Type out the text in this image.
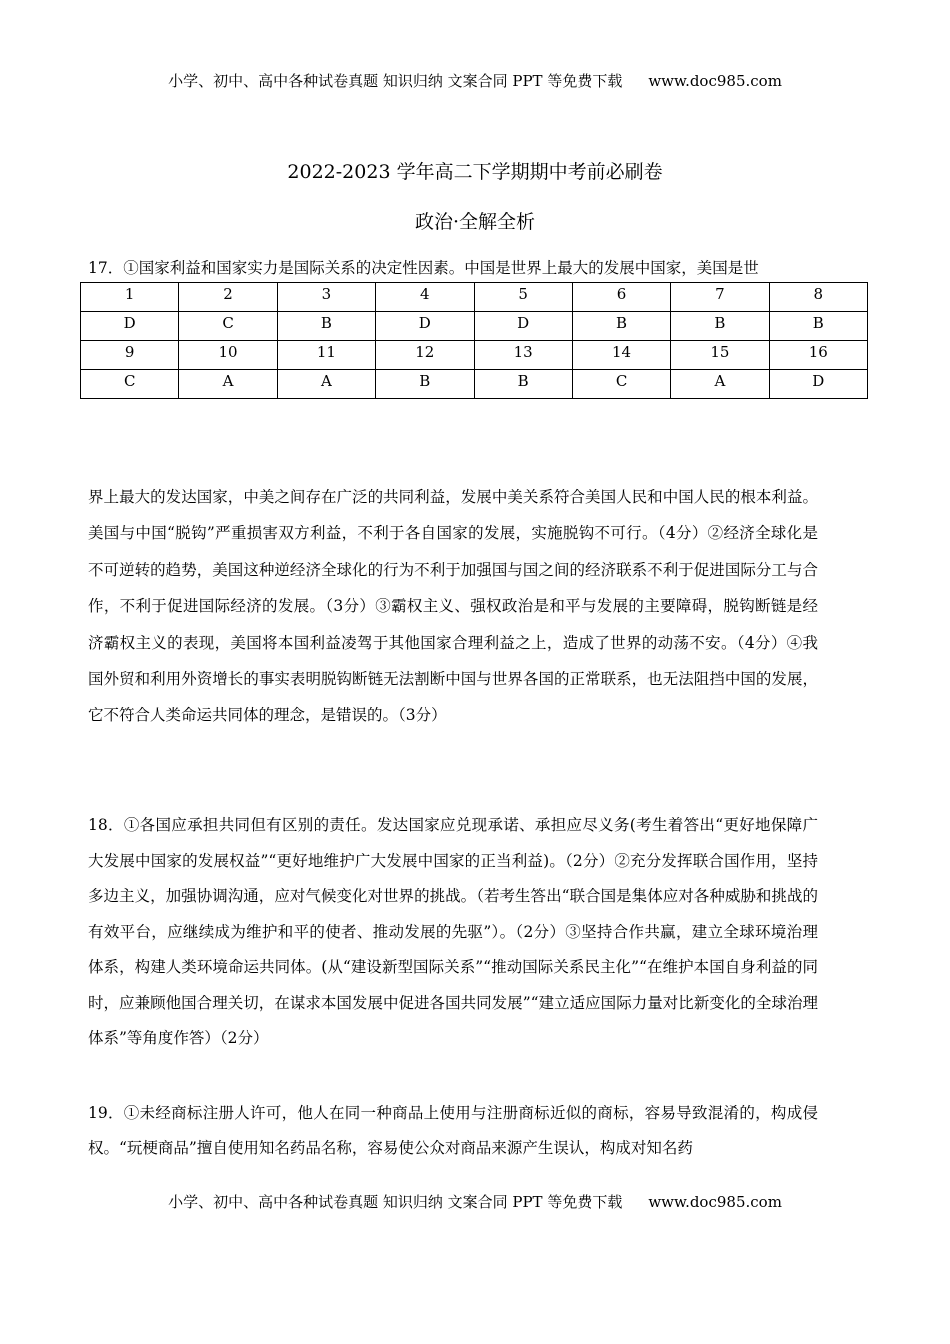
小学、初中、高中各种试卷真题 知识归纳 文案合同 PPT 等免费下载 www.doc985.com
2022-2023 学年高二下学期期中考前必刷卷
政治·全解全析
17．①国家利益和国家实力是国际关系的决定性因素。中国是世界上最大的发展中国家，美国是世
1	2	3	4	5	6	7	8
D	C	B	D	D	B	B	B
9	10	11	12	13	14	15	16
C	A	A	B	B	C	A	D
界上最大的发达国家，中美之间存在广泛的共同利益，发展中美关系符合美国人民和中国人民的根本利益。美国与中国“脱钩”严重损害双方利益，不利于各自国家的发展，实施脱钩不可行。（4分）②经济全球化是不可逆转的趋势，美国这种逆经济全球化的行为不利于加强国与国之间的经济联系不利于促进国际分工与合作，不利于促进国际经济的发展。（3分）③霸权主义、强权政治是和平与发展的主要障碍，脱钩断链是经济霸权主义的表现，美国将本国利益凌驾于其他国家合理利益之上，造成了世界的动荡不安。（4分）④我国外贸和利用外资增长的事实表明脱钩断链无法割断中国与世界各国的正常联系，也无法阻挡中国的发展，它不符合人类命运共同体的理念，是错误的。（3分）
18．①各国应承担共同但有区别的责任。发达国家应兑现承诺、承担应尽义务(考生着答出“更好地保障广大发展中国家的发展权益”“更好地维护广大发展中国家的正当利益)。（2分）②充分发挥联合国作用，坚持多边主义，加强协调沟通，应对气候变化对世界的挑战。（若考生答出“联合国是集体应对各种威胁和挑战的有效平台，应继续成为维护和平的使者、推动发展的先驱”）。（2分）③坚持合作共赢，建立全球环境治理体系，构建人类环境命运共同体。(从“建设新型国际关系”“推动国际关系民主化”“在维护本国自身利益的同时，应兼顾他国合理关切，在谋求本国发展中促进各国共同发展”“建立适应国际力量对比新变化的全球治理体系”等角度作答）（2分）
19．①未经商标注册人许可，他人在同一种商品上使用与注册商标近似的商标，容易导致混淆的，构成侵权。“玩梗商品”擅自使用知名药品名称，容易使公众对商品来源产生误认，构成对知名药
小学、初中、高中各种试卷真题 知识归纳 文案合同 PPT 等免费下载 www.doc985.com
